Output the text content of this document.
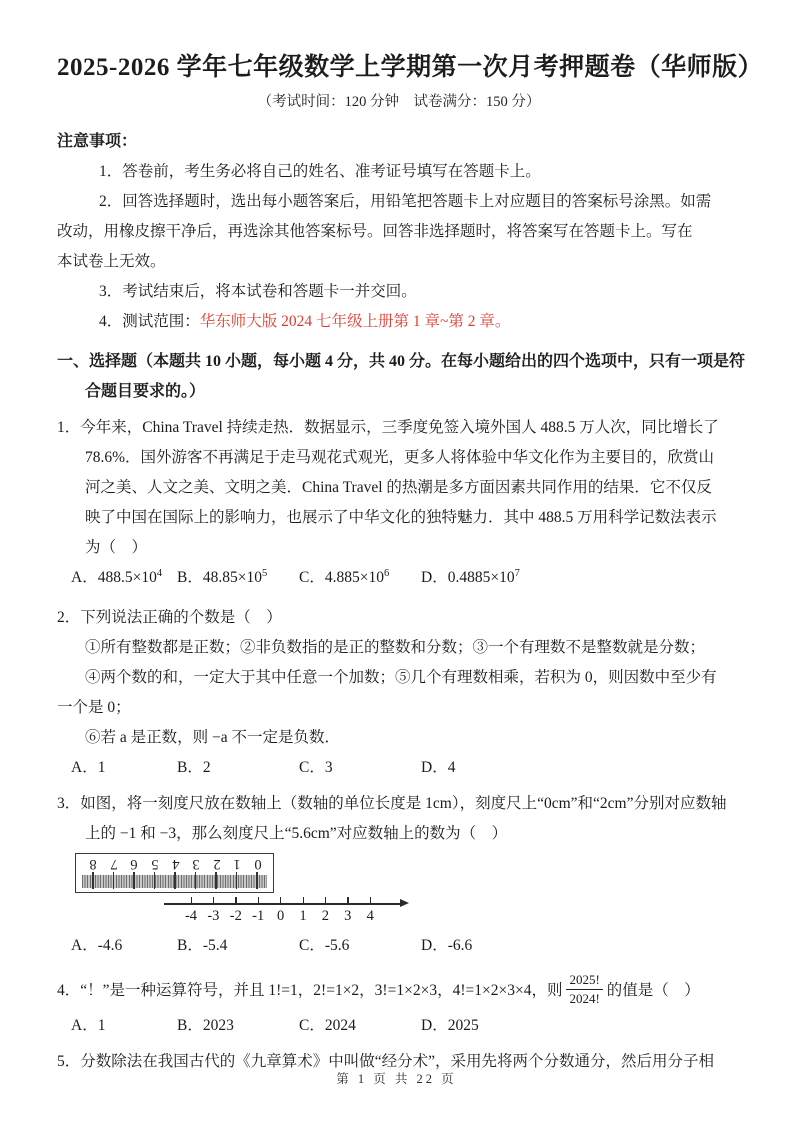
2025-2026 学年七年级数学上学期第一次月考押题卷（华师版）
（考试时间：120 分钟　试卷满分：150 分）
注意事项：
1．答卷前，考生务必将自己的姓名、准考证号填写在答题卡上。
2．回答选择题时，选出每小题答案后，用铅笔把答题卡上对应题目的答案标号涂黑。如需
改动，用橡皮擦干净后，再选涂其他答案标号。回答非选择题时，将答案写在答题卡上。写在
本试卷上无效。
3．考试结束后，将本试卷和答题卡一并交回。
4．测试范围：华东师大版 2024 七年级上册第 1 章~第 2 章。
一、选择题（本题共 10 小题，每小题 4 分，共 40 分。在每小题给出的四个选项中，只有一项是符
合题目要求的。）
1．今年来，China Travel 持续走热．数据显示，三季度免签入境外国人 488.5 万人次，同比增长了
78.6%．国外游客不再满足于走马观花式观光，更多人将体验中华文化作为主要目的，欣赏山
河之美、人文之美、文明之美．China Travel 的热潮是多方面因素共同作用的结果．它不仅反
映了中国在国际上的影响力，也展示了中华文化的独特魅力．其中 488.5 万用科学记数法表示
为（　）
A．$488.5\times 10^4$ B．$48.85\times 10^5$	C．$4.885\times 10^6$	D．$0.4885\times 10^7$
2．下列说法正确的个数是（　）
①所有整数都是正数；②非负数指的是正的整数和分数；③一个有理数不是整数就是分数；
④两个数的和，一定大于其中任意一个加数；⑤几个有理数相乘，若积为 0，则因数中至少有
一个是 0；
⑥若 a 是正数，则 −a 不一定是负数．
A．1	B．2	C．3	D．4
3．如图，将一刻度尺放在数轴上（数轴的单位长度是 1cm），刻度尺上“0cm”和“2cm”分别对应数轴
上的 −1 和 −3，那么刻度尺上“5.6cm”对应数轴上的数为（　）
8 7 6 5 4 3 2 1 0
-4 -3 -2 -1 0	1	2	3	4
A．-4.6	B．-5.4	C．-5.6	D．-6.6
4．“！”是一种运算符号，并且 1!=1，2!=1×2，3!=1×2×3，4!=1×2×3×4，则 $\frac{2025!}{2024!}$ 的值是（　）
A．1	B．2023	C．2024	D．2025
5．分数除法在我国古代的《九章算术》中叫做“经分术”，采用先将两个分数通分，然后用分子相
第 1 页 共 22 页
